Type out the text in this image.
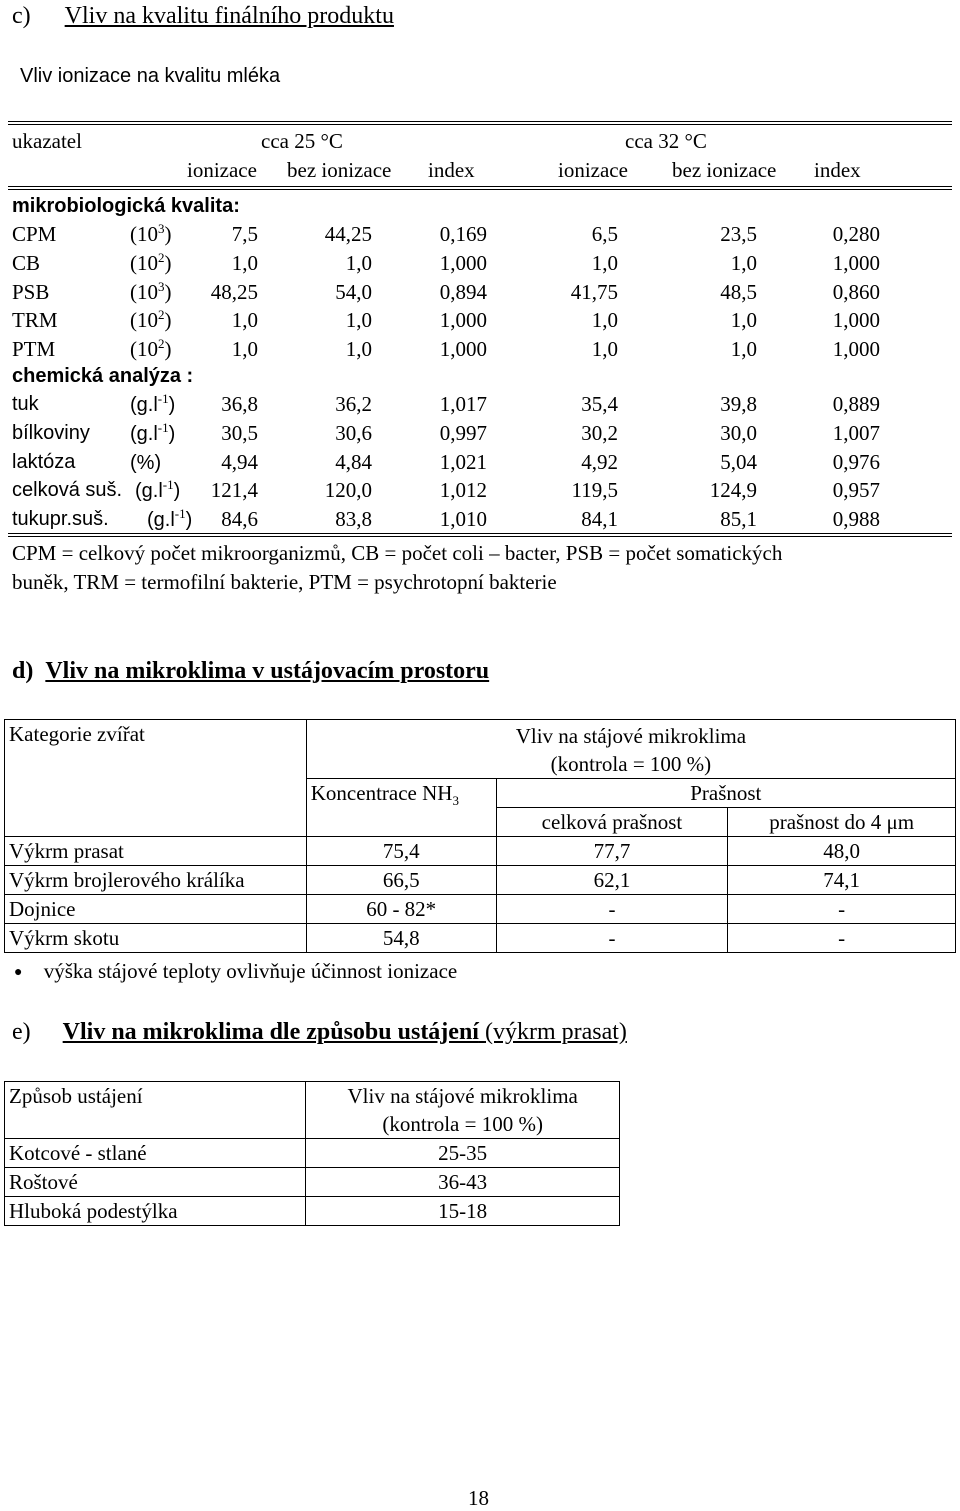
c) Vliv na kvalitu finálního produktu
Vliv ionizace na kvalitu mléka
ukazatel	cca 25 °C	cca 32 °C
ionizace bez ionizace index	ionizace bez ionizace index
mikrobiologická kvalita:
CPM	$(10^3)$	7,5	44,25	0,169	6,5	23,5	0,280
CB	$(10^2)$	1,0	1,0	1,000	1,0	1,0	1,000
PSB	$(10^3)$ 48,25	54,0	0,894	41,75	48,5	0,860
TRM	$(10^2)$	1,0	1,0	1,000	1,0	1,0	1,000
PTM	$(10^2)$	1,0	1,0	1,000	1,0	1,0	1,000
chemická analýza :
tuk	$(g.l^{-1})$ 36,8	36,2	1,017	35,4	39,8	0,889
bílkoviny $(g.l^{-1})$ 30,5	30,6	0,997	30,2	30,0	1,007
laktóza	(%)	4,94	4,84	1,021	4,92	5,04	0,976
celková suš. $(g.l^{-1})$ 121,4	120,0	1,012	119,5	124,9	0,957
tukupr.suš. $(g.l^{-1})$ 84,6	83,8	1,010	84,1	85,1	0,988
CPM = celkový počet mikroorganizmů, CB = počet coli – bacter, PSB = počet somatických
buněk, TRM = termofilní bakterie, PTM = psychrotopní bakterie
d) Vliv na mikroklima v ustájovacím prostoru
Kategorie zvířat	Vliv na stájové mikroklima
(kontrola = 100 %)		

	Koncentrace $NH_3$	Prašnost	
		celková prašnost	prašnost do 4 μm
Výkrm prasat	75,4	77,7	48,0
Výkrm brojlerového králíka	66,5	62,1	74,1
Dojnice	60 - 82*	-	-
Výkrm skotu	54,8	-	-
● výška stájové teploty ovlivňuje účinnost ionizace
e) Vliv na mikroklima dle způsobu ustájení (výkrm prasat)
Způsob ustájení	Vliv na stájové mikroklima
(kontrola = 100 %)

Kotcové - stlané	25-35
Roštové	36-43
Hluboká podestýlka	15-18
18
